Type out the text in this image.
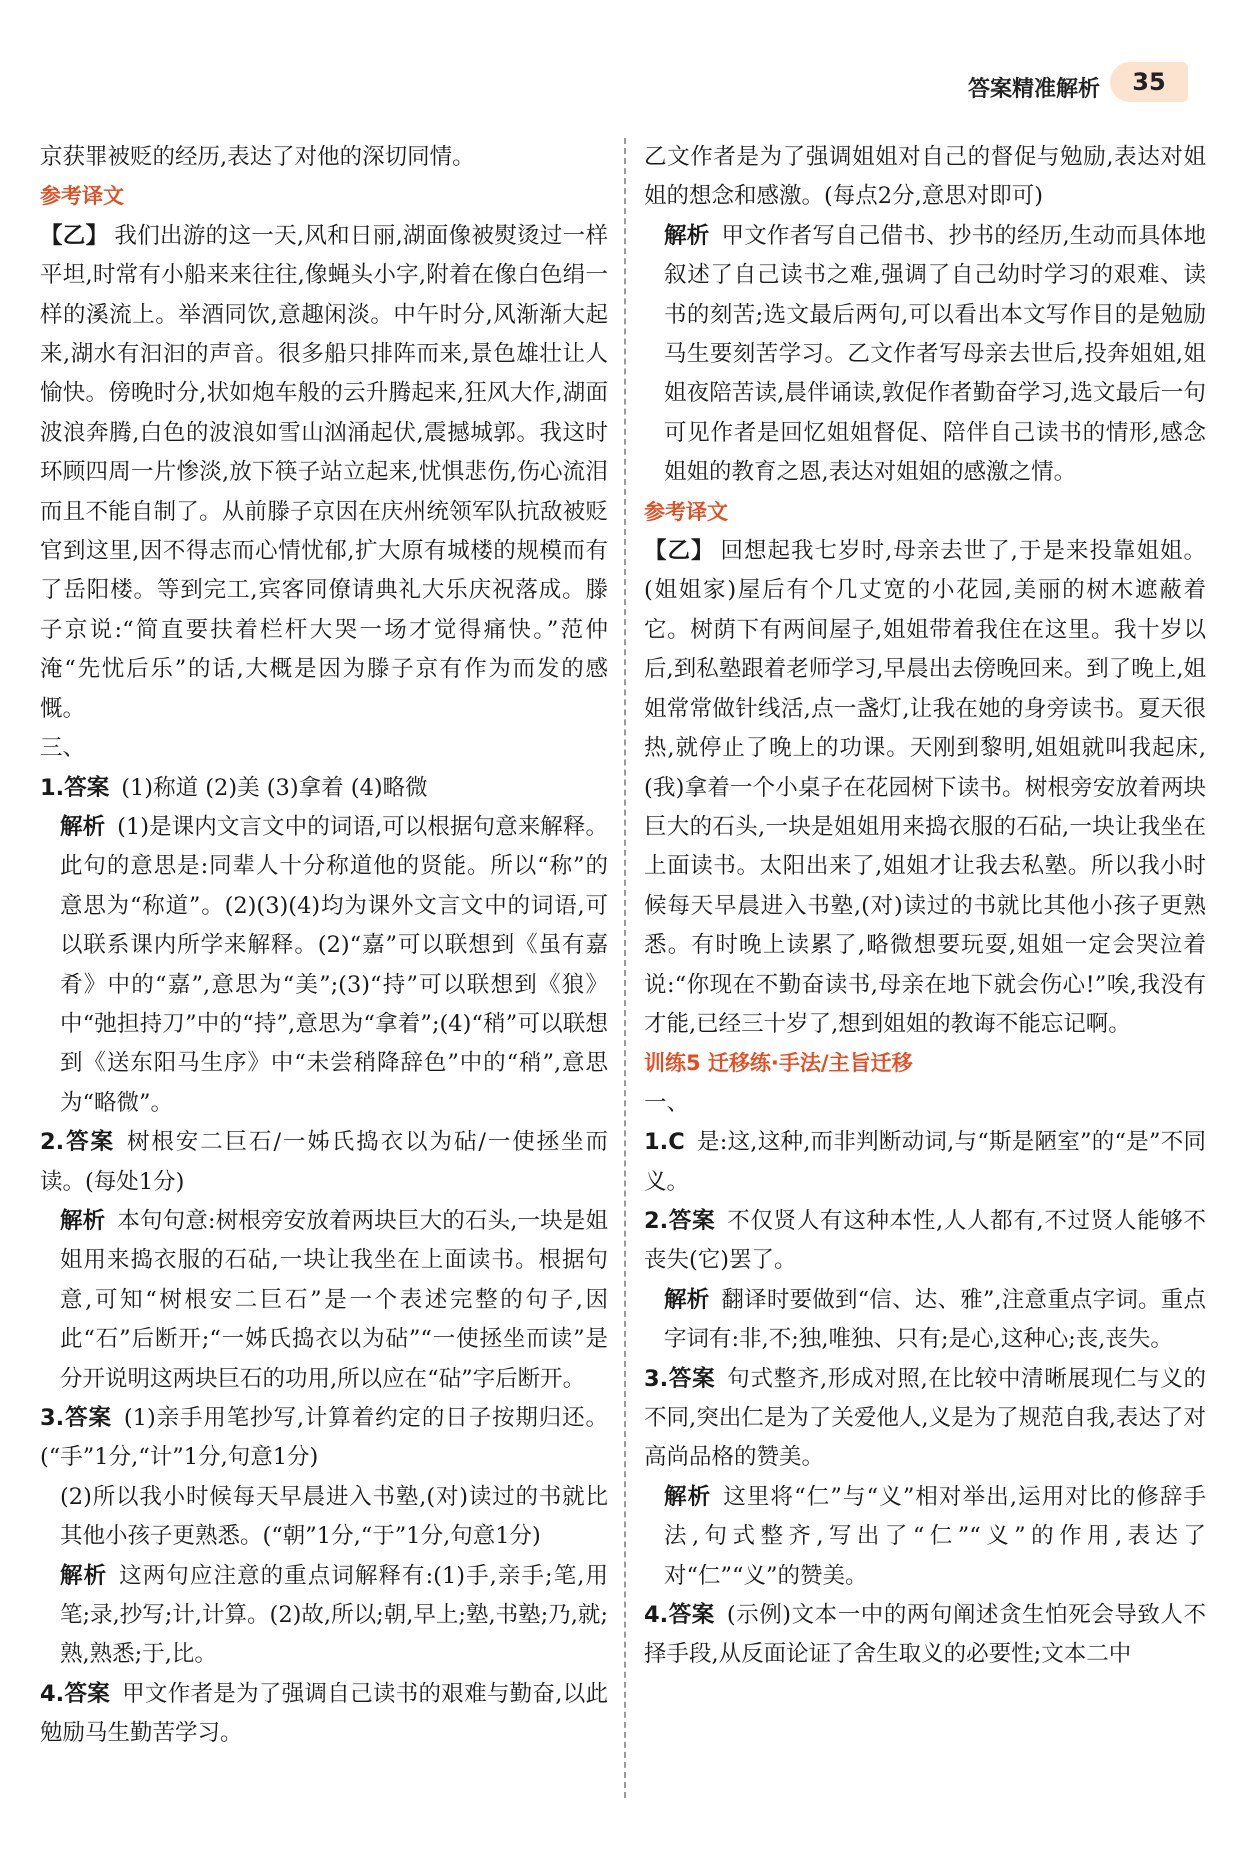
答案精准解析	35

京获罪被贬的经历,表达了对他的深切同情。

参考译文

【乙】 我们出游的这一天,风和日丽,湖面像被熨烫过一样平坦,时常有小船来来往往,像蝇头小字,附着在像白色绢一样的溪流上。举酒同饮,意趣闲淡。中午时分,风渐渐大起来,湖水有汩汩的声音。很多船只排阵而来,景色雄壮让人愉快。傍晚时分,状如炮车般的云升腾起来,狂风大作,湖面波浪奔腾,白色的波浪如雪山汹涌起伏,震撼城郭。我这时环顾四周一片惨淡,放下筷子站立起来,忧惧悲伤,伤心流泪而且不能自制了。从前滕子京因在庆州统领军队抗敌被贬官到这里,因不得志而心情忧郁,扩大原有城楼的规模而有了岳阳楼。等到完工,宾客同僚请典礼大乐庆祝落成。滕子京说:“简直要扶着栏杆大哭一场才觉得痛快。”范仲淹“先忧后乐”的话,大概是因为滕子京有作为而发的感慨。

三、

1.答案 (1)称道 (2)美 (3)拿着 (4)略微

解析 (1)是课内文言文中的词语,可以根据句意来解释。此句的意思是:同辈人十分称道他的贤能。所以“称”的意思为“称道”。(2)(3)(4)均为课外文言文中的词语,可以联系课内所学来解释。(2)“嘉”可以联想到《虽有嘉肴》中的“嘉”,意思为“美”;(3)“持”可以联想到《狼》中“弛担持刀”中的“持”,意思为“拿着”;(4)“稍”可以联想到《送东阳马生序》中“未尝稍降辞色”中的“稍”,意思为“略微”。

2.答案 树根安二巨石/一姊氏捣衣以为砧/一使拯坐而读。(每处1分)

解析 本句句意:树根旁安放着两块巨大的石头,一块是姐姐用来捣衣服的石砧,一块让我坐在上面读书。根据句意,可知“树根安二巨石”是一个表述完整的句子,因此“石”后断开;“一姊氏捣衣以为砧”“一使拯坐而读”是分开说明这两块巨石的功用,所以应在“砧”字后断开。

3.答案 (1)亲手用笔抄写,计算着约定的日子按期归还。(“手”1分,“计”1分,句意1分)

(2)所以我小时候每天早晨进入书塾,(对)读过的书就比其他小孩子更熟悉。(“朝”1分,“于”1分,句意1分)

解析 这两句应注意的重点词解释有:(1)手,亲手;笔,用笔;录,抄写;计,计算。(2)故,所以;朝,早上;塾,书塾;乃,就;熟,熟悉;于,比。

4.答案 甲文作者是为了强调自己读书的艰难与勤奋,以此勉励马生勤苦学习。

乙文作者是为了强调姐姐对自己的督促与勉励,表达对姐姐的想念和感激。(每点2分,意思对即可)

解析 甲文作者写自己借书、抄书的经历,生动而具体地叙述了自己读书之难,强调了自己幼时学习的艰难、读书的刻苦;选文最后两句,可以看出本文写作目的是勉励马生要刻苦学习。乙文作者写母亲去世后,投奔姐姐,姐姐夜陪苦读,晨伴诵读,敦促作者勤奋学习,选文最后一句可见作者是回忆姐姐督促、陪伴自己读书的情形,感念姐姐的教育之恩,表达对姐姐的感激之情。

参考译文

【乙】 回想起我七岁时,母亲去世了,于是来投靠姐姐。(姐姐家)屋后有个几丈宽的小花园,美丽的树木遮蔽着它。树荫下有两间屋子,姐姐带着我住在这里。我十岁以后,到私塾跟着老师学习,早晨出去傍晚回来。到了晚上,姐姐常常做针线活,点一盏灯,让我在她的身旁读书。夏天很热,就停止了晚上的功课。天刚到黎明,姐姐就叫我起床,(我)拿着一个小桌子在花园树下读书。树根旁安放着两块巨大的石头,一块是姐姐用来捣衣服的石砧,一块让我坐在上面读书。太阳出来了,姐姐才让我去私塾。所以我小时候每天早晨进入书塾,(对)读过的书就比其他小孩子更熟悉。有时晚上读累了,略微想要玩耍,姐姐一定会哭泣着说:“你现在不勤奋读书,母亲在地下就会伤心!”唉,我没有才能,已经三十岁了,想到姐姐的教诲不能忘记啊。

训练5 迁移练·手法/主旨迁移

一、

1.C 是:这,这种,而非判断动词,与“斯是陋室”的“是”不同义。

2.答案 不仅贤人有这种本性,人人都有,不过贤人能够不丧失(它)罢了。

解析 翻译时要做到“信、达、雅”,注意重点字词。重点字词有:非,不;独,唯独、只有;是心,这种心;丧,丧失。

3.答案 句式整齐,形成对照,在比较中清晰展现仁与义的不同,突出仁是为了关爱他人,义是为了规范自我,表达了对高尚品格的赞美。

解析 这里将“仁”与“义”相对举出,运用对比的修辞手法,句式整齐,写出了“仁”“义”的作用,表达了对“仁”“义”的赞美。

4.答案 (示例)文本一中的两句阐述贪生怕死会导致人不择手段,从反面论证了舍生取义的必要性;文本二中
